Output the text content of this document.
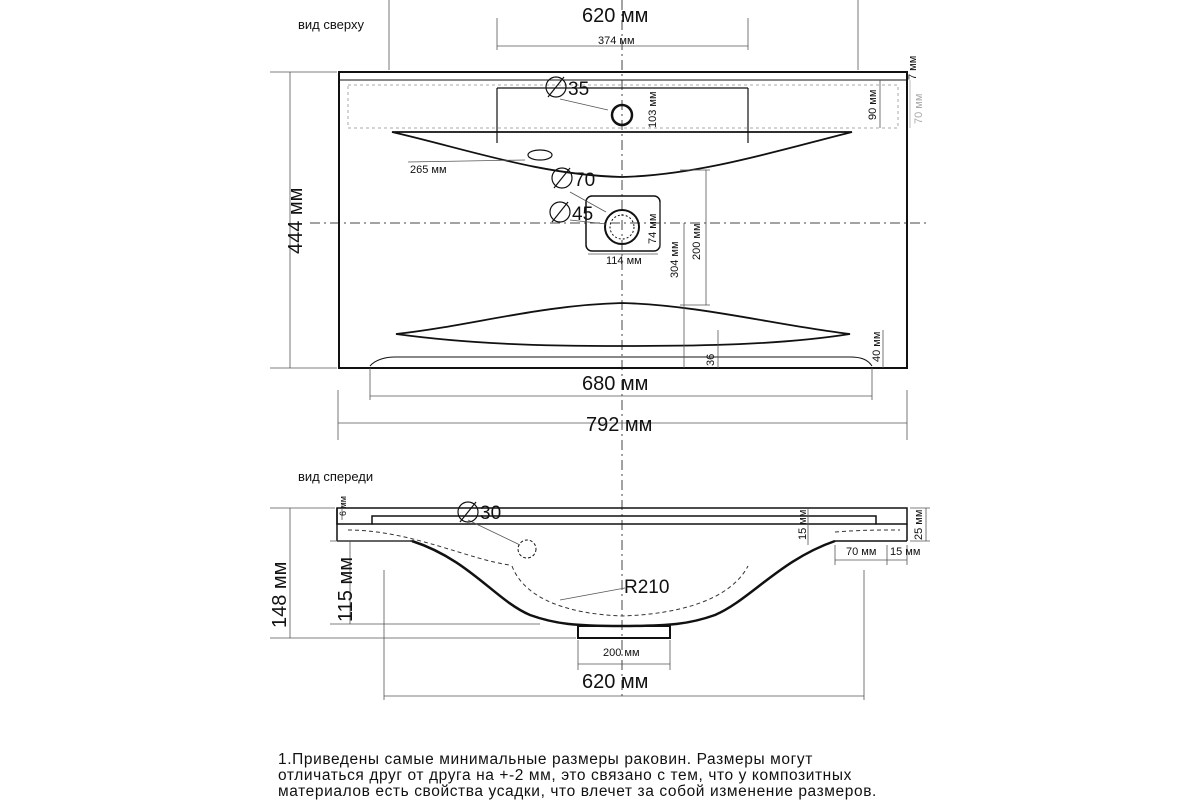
вид сверху	620 мм
374 мм
7 мм
90 мм	70 мм
103 мм
35
70
45
265 мм
444 мм	74 мм
114 мм 304 мм 200 мм
36	40 мм
680 мм
792 мм
вид спереди
6 мм	30	15 мм	25 мм
70 мм 15 мм
148 мм 115 мм	R210
200 мм
620 мм

1.Приведены самые минимальные размеры раковин. Размеры могут
отличаться друг от друга на +-2 мм, это связано с тем, что у композитных
материалов есть свойства усадки, что влечет за собой изменение размеров.
